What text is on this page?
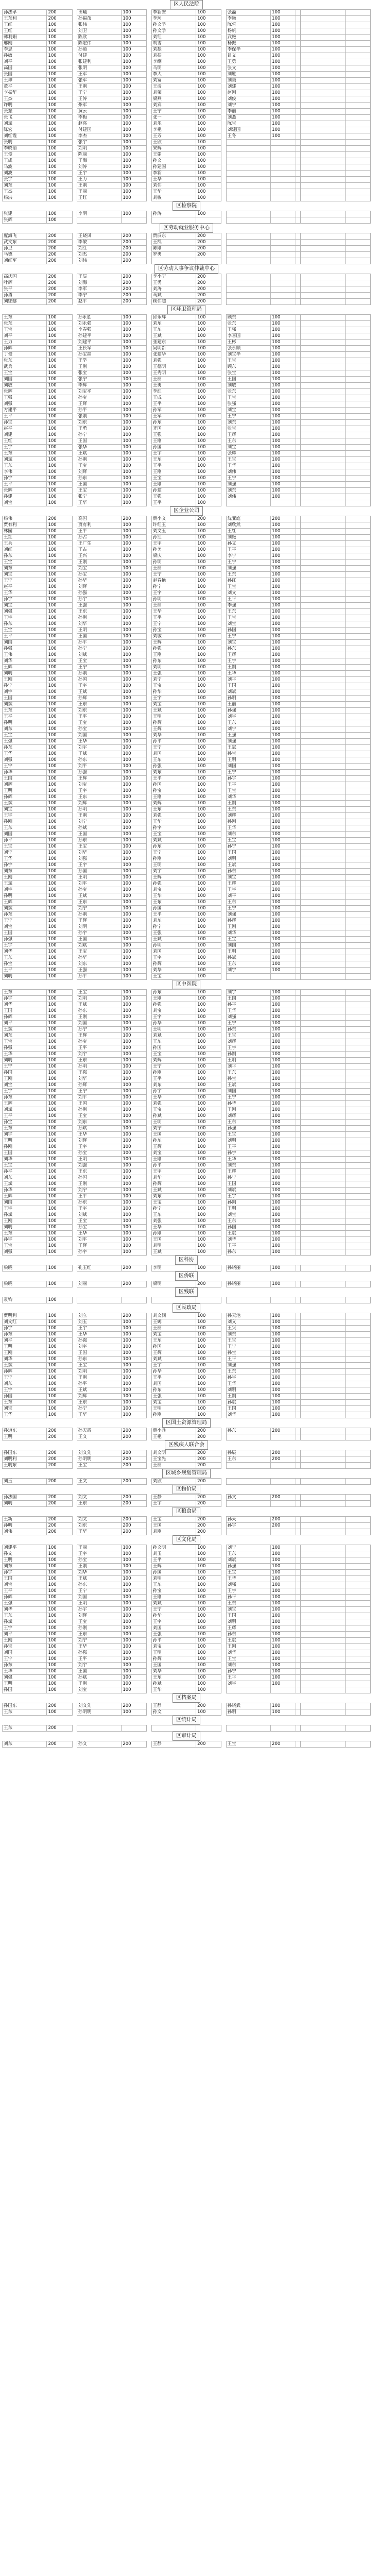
						区人民法院							
孙法孝	200		田曦	100		李新安	100		张磊	100			
王东利	200		孙福茂	100		李珂	100		李艳	100			
王红	100		张伟	100		孙文学	100		陈哲	100			
王红	100		刘卫	100		孙文学	100		杨帆	100			
韩利娟	100		陈欣	100		刘红	100		武艳	100			
邢刚	100		陈宏伟	100		胡雪	100		杨振	100			
李忠	100		孙道	100		刘振	100		李保华	100			
孙敏	100		付建	100		刘振	100		吕义	100			
刘平	100		张建利	100		李纲	100		王勇	100			
高国	100		张明	100		马明	100		张文	100			
张国	100		王军	100		李大	100		刘胜	100			
王坤	100		张军	100		刘宽	100		刘美	100			
董平	100		王刚	100		王彦	100		刘建	100			
李振华	100		王宁	100		刘荣	100		赵刚	100			
王杰	100		王涛	100		梁燕	100		刘俊	100			
许明	100		柴军	100		刘宾	100		刘宁	100			
张振	100		黄云	100		王宁	100		李丽	100			
张飞	100		李梅	100		张一	100		刘燕	100			
刘斌	100		赵亮	100		刘乐	100		陈宝	100			
陈宏	100		付建国	100		李艳	100		刘建国	100			
刘红霞	100		李杰	100		王芳	100		王冬	100			
张明	100		张宇	100		王欣	100						
李晓丽	100		刘明	100		宋辉	100						
王俊	100		陈丽	100		王娟	100						
王成	100		王海	100		孙文	100						
马波	100		刘涛	100		孙建国	100						
刘波	100		王宇	100		李新	100						
张宇	100		王力	100		王华	100						
刘东	100		王刚	100		刘伟	100						
王杰	100		王丽	100		王华	100						
杨洪	100		王红	100		刘敏	100						
						区检察院							
张建	100		李明	100		孙涛	100						
张辉	100												
						区劳动就业服务中心							
庞海飞	200		王晓凤	200		贾辰东	200						
武文东	200		李敏	200		王凯	200						
孙卫	200		刘红	200		陈刚	200						
马德	200		刘杰	200		罗勇	200						
刘红军	200		刘伟	200									
						区劳动人事争议仲裁中心							
高庆国	200		王辰	200		李小宁	200						
叶辉	200		刘海	200		王勇	200						
张平	200		李军	200		刘涛	200						
孙勇	200		李宁	200		马斌	200						
刘娜娜	200		赵平	200		顾伟超	200						
						区环卫管理局							
王东	100		孙永胜	100		邱永辉	100		顾东	100			
张东	100		刘永强	100		刘东	100		张东	100			
王宝	100		李春强	100		王东	100		王强	100			
刘平	100		孙建平	100		王斌	100		李喜国	100			
王力	100		刘建平	100		张建东	100		王彬	100			
孙辉	100		王长军	100		吴明新	100		张永顺	100			
丁俊	100		孙宝福	100		张建华	100		刘宝华	100			
张东	100		王学	100		刘强	100		王宝	100			
武兵	100		王刚	100		王德明	100		顾东	100			
王宝	100		张宝	100		王秀明	100		张宝	100			
刘国	100		张宁	100		王丽	100		王国	100			
刘敏	100		李辉	100		王勇	100		刘敏	100			
张辉	100		刘宝平	100		李红	100		张东	100			
王强	100		孙宝	100		王成	100		王宝	100			
刘强	100		王辉	100		王平	100		张强	100			
方建平	100		孙平	100		孙军	100		刘宝	100			
王平	100		张刚	100		王军	100		王宁	100			
孙宝	100		刘东	100		孙东	100		刘东	100			
赵平	100		王勇	100		齐国	100		张宝	100			
刘建	100		孙宁	100		王强	100		王辉	100			
王红	100		王国	100		王刚	100		王东	100			
王宇	100		张华	100		孙国	100		刘宝	100			
王东	100		王斌	100		王宇	100		张辉	100			
刘斌	100		孙刚	100		王东	100		王宝	100			
王东	100		王宝	100		王平	100		王华	100			
李伟	100		刘辉	100		王刚	100		刘伟	100			
孙宇	100		孙东	100		王宝	100		王宁	100			
王平	100		王国	100		王刚	100		刘强	100			
张辉	100		王宝	100		孙建	100		刘东	100			
孙建	100		张宁	100		王强	100		刘伟	100			
刘宝	100		王华	100		王平	100						
						区企业公司							
杨伟	200		高国	200		贾小文	200		沈亚庭	200			
贾有利	100		贾有利	100		许红玉	100		刘欣然	100			
林园	100		王平	100		刘文玉	100		王红	100			
王红	100		孙占	100		孙红	100		刘艳	100			
王兵	100		王广生	100		王宇	100		孙文	100			
刘红	100		王占	100		孙美	100		王平	100			
孙东	100		王兴	100		梁庆	100		李宁	100			
王宝	100		王刚	100		孙明	100		王宁	100			
刘东	100		刘宝	100		王丽	100		刘强	100			
刘宝	100		孙宝	100		王宁	100		王东	100			
王宁	100		孙华	100		赵春艳	100		孙红	100			
赵平	100		刘辉	100		孙宁	100		王宝	100			
王华	100		孙强	100		王宇	100		刘文	100			
孙宇	100		孙宇	100		孙明	100		王平	100			
刘宝	100		王强	100		王丽	100		李强	100			
刘强	100		王东	100		王华	100		王东	100			
王宇	100		孙刚	100		王平	100		王宝	100			
孙东	100		刘华	100		王宁	100		刘宝	100			
王宝	100		王明	100		孙宝	100		孙国	100			
王平	100		王国	100		刘敏	100		王宁	100			
刘国	100		孙平	100		王辉	100		刘宝	100			
孙强	100		孙宁	100		孙强	100		孙东	100			
王伟	100		刘斌	100		王刚	100		王辉	100			
刘华	100		王宝	100		孙东	100		王宇	100			
王辉	100		王宁	100		刘明	100		王刚	100			
刘明	100		孙刚	100		王强	100		王华	100			
王刚	100		孙国	100		刘宁	100		刘平	100			
孙宁	100		王宇	100		王宝	100		王国	100			
刘宇	100		王斌	100		孙华	100		刘斌	100			
王国	100		孙辉	100		王宇	100		孙明	100			
刘斌	100		王东	100		刘宝	100		王丽	100			
王东	100		刘东	100		王斌	100		孙强	100			
王平	100		王平	100		王明	100		刘宇	100			
孙明	100		王宝	100		孙辉	100		王东	100			
刘东	100		孙宝	100		王辉	100		刘宁	100			
王宝	100		刘国	100		刘华	100		王强	100			
王强	100		王华	100		孙平	100		刘强	100			
孙东	100		刘宇	100		王宁	100		王斌	100			
王华	100		王斌	100		刘国	100		孙宝	100			
刘强	100		孙东	100		王东	100		王明	100			
王宁	100		刘平	100		孙强	100		刘国	100			
孙华	100		孙强	100		刘东	100		王宁	100			
王国	100		王辉	100		王平	100		孙宇	100			
刘辉	100		刘宝	100		孙国	100		王平	100			
王明	100		王宇	100		孙宝	100		王宝	100			
孙辉	100		王东	100		王刚	100		刘华	100			
王斌	100		刘辉	100		刘辉	100		王刚	100			
刘宝	100		孙明	100		王东	100		王东	100			
王宇	100		王刚	100		刘强	100		刘辉	100			
孙刚	100		刘宁	100		王华	100		孙刚	100			
王东	100		孙斌	100		孙宇	100		王华	100			
刘国	100		王国	100		王宝	100		刘东	100			
孙平	100		孙东	100		刘斌	100		王宝	100			
王宝	100		王宝	100		孙东	100		孙宁	100			
刘宁	100		刘华	100		王宁	100		王国	100			
王华	100		刘强	100		孙刚	100		刘明	100			
孙宇	100		王宇	100		王明	100		王斌	100			
刘东	100		孙国	100		刘宇	100		孙东	100			
王刚	100		王明	100		王辉	100		刘宝	100			
王斌	100		刘平	100		孙强	100		王辉	100			
刘宇	100		孙宝	100		刘宝	100		王宇	100			
孙明	100		王斌	100		王华	100		刘平	100			
王辉	100		王东	100		王东	100		王东	100			
刘斌	100		刘宁	100		孙国	100		王宁	100			
孙东	100		孙刚	100		王平	100		刘强	100			
王宁	100		王辉	100		刘东	100		孙辉	100			
刘宝	100		刘明	100		孙宁	100		王刚	100			
王国	100		孙宇	100		王强	100		刘华	100			
孙强	100		王国	100		王斌	100		王宝	100			
王宇	100		刘斌	100		孙明	100		刘国	100			
刘华	100		王宝	100		刘国	100		王明	100			
王东	100		孙华	100		王宇	100		孙斌	100			
孙宝	100		刘东	100		孙辉	100		王东	100			
王平	100		王强	100		刘华	100		刘宇	100			
刘明	100		孙平	100		王宝	100						
						区中医院							
王东	100		王宝	100		孙东	100		刘宇	100			
孙宇	100		刘明	100		王刚	100		王国	100			
刘华	100		王斌	100		孙强	100		孙平	100			
王国	100		孙东	100		刘宝	100		王华	100			
孙辉	100		王刚	100		王宇	100		刘强	100			
刘平	100		刘国	100		孙华	100		王宁	100			
王斌	100		孙宁	100		王明	100		孙东	100			
刘东	100		王辉	100		刘斌	100		王宝	100			
王宝	100		孙宝	100		王东	100		刘辉	100			
孙强	100		王平	100		孙国	100		王宇	100			
王华	100		刘宇	100		王宝	100		孙刚	100			
刘明	100		王东	100		刘辉	100		王明	100			
王宁	100		孙明	100		王宁	100		刘平	100			
孙国	100		王强	100		孙刚	100		王东	100			
王刚	100		刘华	100		王平	100		孙宝	100			
刘宝	100		孙辉	100		刘东	100		王斌	100			
王宇	100		王宁	100		孙宇	100		刘国	100			
孙东	100		刘平	100		王华	100		王宁	100			
王辉	100		王国	100		刘强	100		孙华	100			
刘斌	100		孙刚	100		王宝	100		王刚	100			
王平	100		王宝	100		孙斌	100		刘辉	100			
孙宝	100		刘东	100		王明	100		王东	100			
王东	100		孙斌	100		刘宁	100		孙强	100			
刘宇	100		王华	100		王国	100		王宝	100			
王明	100		刘辉	100		孙东	100		刘明	100			
孙刚	100		王宇	100		王辉	100		王平	100			
王国	100		孙宝	100		刘宝	100		孙宇	100			
刘华	100		王明	100		王刚	100		王华	100			
王宝	100		刘强	100		孙平	100		刘东	100			
孙平	100		王东	100		王宇	100		王辉	100			
刘东	100		孙国	100		刘华	100		孙宁	100			
王斌	100		王刚	100		孙辉	100		王国	100			
孙华	100		刘宁	100		王斌	100		刘斌	100			
王辉	100		王平	100		刘东	100		王宇	100			
刘国	100		孙东	100		王宝	100		孙刚	100			
王宇	100		王宇	100		孙宁	100		王明	100			
孙斌	100		刘斌	100		王东	100		刘宝	100			
王刚	100		王宝	100		刘强	100		王东	100			
刘明	100		孙宝	100		王华	100		孙国	100			
王东	100		王华	100		孙刚	100		王斌	100			
孙宇	100		刘平	100		王国	100		刘华	100			
王宝	100		王辉	100		刘明	100		王平	100			
刘强	100		孙宇	100		王斌	100		孙东	100			
						区科协							
梁晓	100		孔玉红	200		李明	100		孙晓丽	100			
						区侨联							
梁晓	100		刘丽	200		梁明	200		孙晓丽	100			
						区残联							
袁钧	100												
						区民政局							
贾明利	100		刘立	200		刘文渊	100		孙天池	100			
刘文红	100		刘玉	100		王嫣	100		刘义	100			
孙宇	100		王宇	100		王丽	100		王兴	100			
孙东	100		王华	100		刘宝	100		刘东	100			
刘平	100		孙强	100		王东	100		王宝	100			
王明	100		刘宇	100		孙国	100		王宁	100			
王刚	100		王国	100		王辉	100		孙宝	100			
刘华	100		孙东	100		刘斌	100		王平	100			
王斌	100		王宝	100		王宇	100		刘强	100			
孙辉	100		刘明	100		孙华	100		王东	100			
王宁	100		王刚	100		王平	100		孙宇	100			
刘东	100		孙平	100		刘国	100		王华	100			
王宇	100		王斌	100		孙东	100		刘明	100			
孙国	100		刘辉	100		王强	100		王刚	100			
王东	100		王东	100		刘宝	100		孙斌	100			
刘宝	100		孙宁	100		王明	100		王国	100			
王华	100		王华	100		孙刚	100		刘华	100			
						区国土资源管理局							
孙道东	200		孙天霞	200		贾小兵	200		孙东	200			
王明	200		王文	200		王艳	200						
						区残疾人联合会							
孙国东	200		刘文先	200		刘文明	200		孙辰	200			
刘明利	200		孙明明	200		王宝先	200		王东	200			
王明东	200		王宝	200		王丽	200						
						区城乡规划管理局							
刘玉	200		王文	200		刘欣	200						
						区物价局							
孙法国	200		刘文	200		王静	200		孙文	200			
刘明	200		王东	200		王宇	200						
						区粮食局							
王新	200		刘文	200		王宝	200		孙天	200			
孙明	200		刘东	200		王国	200		孙宇	200			
刘伟	200		王华	200		刘刚	200						
						区文化局							
刘建平	100		王丽	100		孙文明	100		刘宁	100			
孙文	100		王宇	100		刘玉	100		王东	100			
王明	100		孙宝	100		王平	100		刘斌	100			
刘东	100		王刚	100		王辉	100		孙强	100			
孙宇	100		刘华	100		孙国	100		王宝	100			
王国	100		王斌	100		刘明	100		王华	100			
刘宝	100		孙东	100		王东	100		刘强	100			
王平	100		王宁	100		孙宝	100		王宇	100			
孙辉	100		刘国	100		王刚	100		孙平	100			
王强	100		王明	100		刘斌	100		王东	100			
刘华	100		孙宇	100		王宁	100		刘宝	100			
王东	100		刘辉	100		孙华	100		王国	100			
孙斌	100		王宝	100		王宇	100		刘明	100			
王宇	100		孙刚	100		刘国	100		王辉	100			
刘平	100		王东	100		王强	100		孙东	100			
王刚	100		刘宁	100		孙平	100		王斌	100			
孙宝	100		王华	100		刘宝	100		王刚	100			
刘国	100		孙强	100		王明	100		刘华	100			
王宁	100		王平	100		孙辉	100		王宝	100			
孙东	100		刘宇	100		王国	100		刘东	100			
王华	100		王国	100		刘华	100		孙宁	100			
刘强	100		孙斌	100		王东	100		王平	100			
王明	100		王刚	100		孙斌	100		刘宇	100			
孙国	100		刘宝	100		王华	100						
						区档案局							
孙国东	200		刘文先	200		王静	200		孙晓武	100			
王东	100		孙明明	100		孙文	100		孙明	100			
						区统计局							
王东	200												
						区审计局							
刘东	200		孙文	200		王静	200		王宝	200			
